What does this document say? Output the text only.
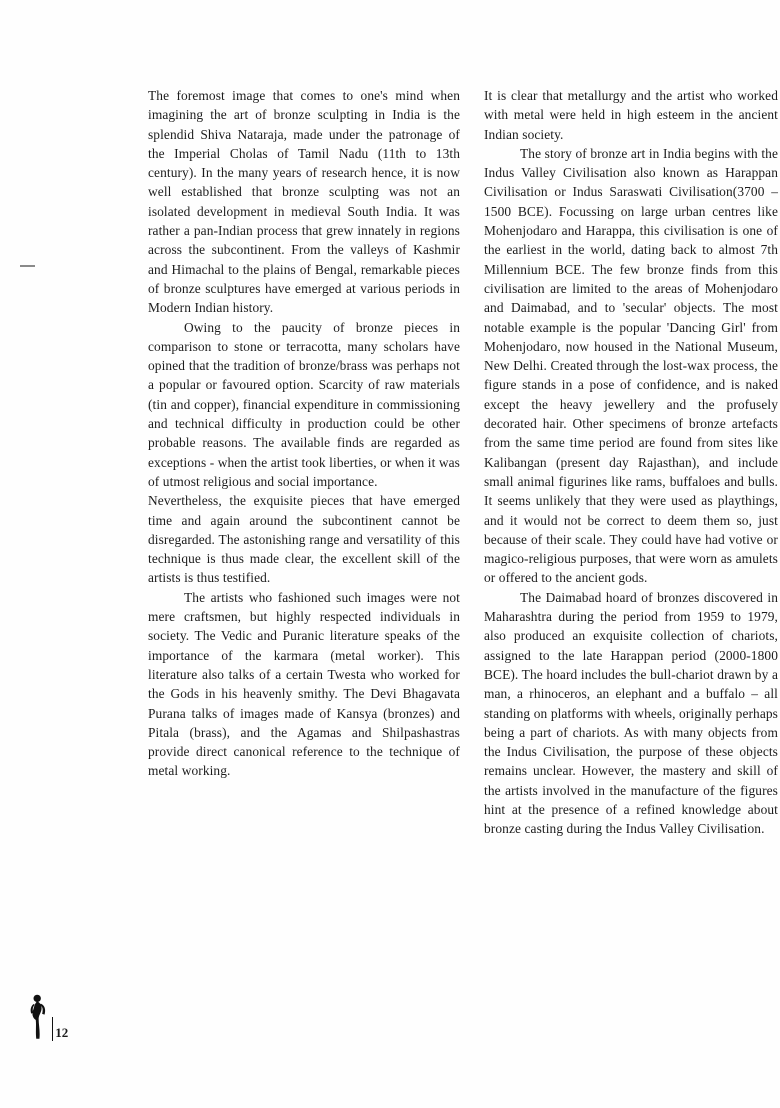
The foremost image that comes to one's mind when imagining the art of bronze sculpting in India is the splendid Shiva Nataraja, made under the patronage of the Imperial Cholas of Tamil Nadu (11th to 13th century). In the many years of research hence, it is now well established that bronze sculpting was not an isolated development in medieval South India. It was rather a pan-Indian process that grew innately in regions across the subcontinent. From the valleys of Kashmir and Himachal to the plains of Bengal, remarkable pieces of bronze sculptures have emerged at various periods in Modern Indian history.

Owing to the paucity of bronze pieces in comparison to stone or terracotta, many scholars have opined that the tradition of bronze/brass was perhaps not a popular or favoured option. Scarcity of raw materials (tin and copper), financial expenditure in commissioning and technical difficulty in production could be other probable reasons. The available finds are regarded as exceptions - when the artist took liberties, or when it was of utmost religious and social importance.

Nevertheless, the exquisite pieces that have emerged time and again around the subcontinent cannot be disregarded. The astonishing range and versatility of this technique is thus made clear, the excellent skill of the artists is thus testified.

The artists who fashioned such images were not mere craftsmen, but highly respected individuals in society. The Vedic and Puranic literature speaks of the importance of the karmara (metal worker). This literature also talks of a certain Twesta who worked for the Gods in his heavenly smithy. The Devi Bhagavata Purana talks of images made of Kansya (bronzes) and Pitala (brass), and the Agamas and Shilpashastras provide direct canonical reference to the technique of metal working.

It is clear that metallurgy and the artist who worked with metal were held in high esteem in the ancient Indian society.

The story of bronze art in India begins with the Indus Valley Civilisation also known as Harappan Civilisation or Indus Saraswati Civilisation(3700 – 1500 BCE). Focussing on large urban centres like Mohenjodaro and Harappa, this civilisation is one of the earliest in the world, dating back to almost 7th Millennium BCE. The few bronze finds from this civilisation are limited to the areas of Mohenjodaro and Daimabad, and to 'secular' objects. The most notable example is the popular 'Dancing Girl' from Mohenjodaro, now housed in the National Museum, New Delhi. Created through the lost-wax process, the figure stands in a pose of confidence, and is naked except the heavy jewellery and the profusely decorated hair. Other specimens of bronze artefacts from the same time period are found from sites like Kalibangan (present day Rajasthan), and include small animal figurines like rams, buffaloes and bulls. It seems unlikely that they were used as playthings, and it would not be correct to deem them so, just because of their scale. They could have had votive or magico-religious purposes, that were worn as amulets or offered to the ancient gods.

The Daimabad hoard of bronzes discovered in Maharashtra during the period from 1959 to 1979, also produced an exquisite collection of chariots, assigned to the late Harappan period (2000-1800 BCE). The hoard includes the bull-chariot drawn by a man, a rhinoceros, an elephant and a buffalo – all standing on platforms with wheels, originally perhaps being a part of chariots. As with many objects from the Indus Civilisation, the purpose of these objects remains unclear. However, the mastery and skill of the artists involved in the manufacture of the figures hint at the presence of a refined knowledge about bronze casting during the Indus Valley Civilisation.

12
